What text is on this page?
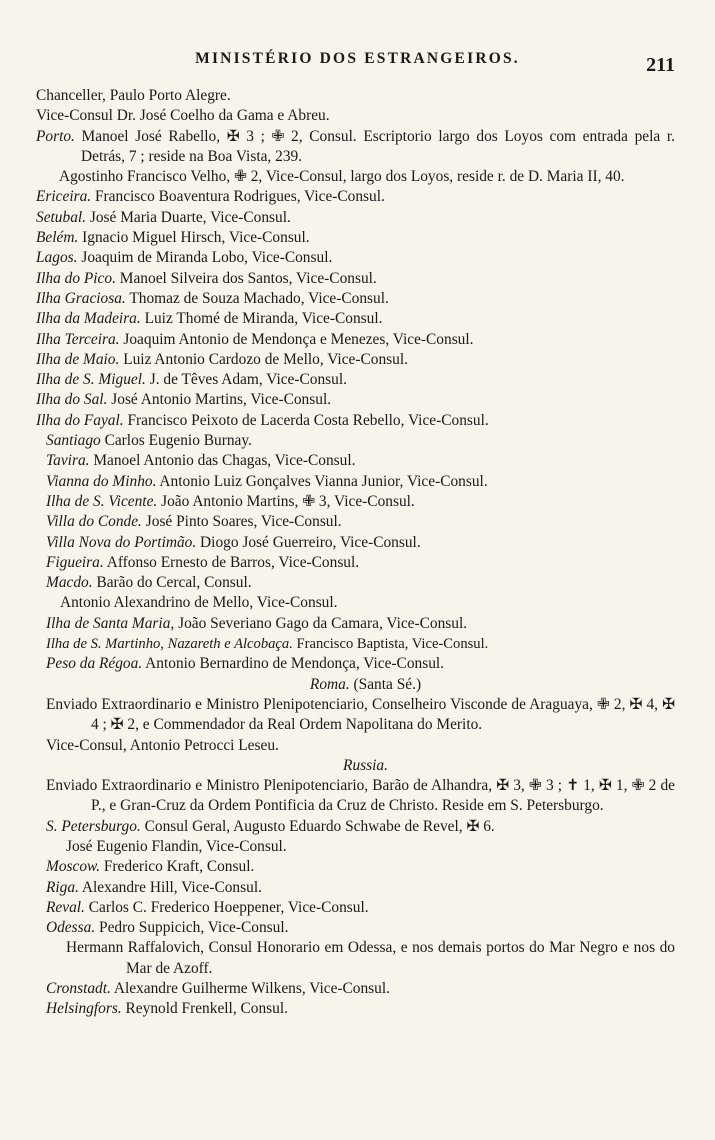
MINISTÉRIO DOS ESTRANGEIROS.	211

Chanceller, Paulo Porto Alegre.

Vice-Consul Dr. José Coelho da Gama e Abreu.

Porto. Manoel José Rabello, ✠ 3 ; ✙ 2, Consul. Escriptorio largo dos Loyos com entrada pela r. Detrás, 7 ; reside na Boa Vista, 239.

Agostinho Francisco Velho, ✙ 2, Vice-Consul, largo dos Loyos, reside r. de D. Maria II, 40.

Ericeira. Francisco Boaventura Rodrigues, Vice-Consul.

Setubal. José Maria Duarte, Vice-Consul.

Belém. Ignacio Miguel Hirsch, Vice-Consul.

Lagos. Joaquim de Miranda Lobo, Vice-Consul.

Ilha do Pico. Manoel Silveira dos Santos, Vice-Consul.

Ilha Graciosa. Thomaz de Souza Machado, Vice-Consul.

Ilha da Madeira. Luiz Thomé de Miranda, Vice-Consul.

Ilha Terceira. Joaquim Antonio de Mendonça e Menezes, Vice-Consul.

Ilha de Maio. Luiz Antonio Cardozo de Mello, Vice-Consul.

Ilha de S. Miguel. J. de Têves Adam, Vice-Consul.

Ilha do Sal. José Antonio Martins, Vice-Consul.

Ilha do Fayal. Francisco Peixoto de Lacerda Costa Rebello, Vice-Consul.

Santiago Carlos Eugenio Burnay.

Tavira. Manoel Antonio das Chagas, Vice-Consul.

Vianna do Minho. Antonio Luiz Gonçalves Vianna Junior, Vice-Consul.

Ilha de S. Vicente. João Antonio Martins, ✙ 3, Vice-Consul.

Villa do Conde. José Pinto Soares, Vice-Consul.

Villa Nova do Portimão. Diogo José Guerreiro, Vice-Consul.

Figueira. Affonso Ernesto de Barros, Vice-Consul.

Macdo. Barão do Cercal, Consul.

Antonio Alexandrino de Mello, Vice-Consul.

Ilha de Santa Maria, João Severiano Gago da Camara, Vice-Consul.

Ilha de S. Martinho, Nazareth e Alcobaça. Francisco Baptista, Vice-Consul.

Peso da Régoa. Antonio Bernardino de Mendonça, Vice-Consul.

Roma. (Santa Sé.)

Enviado Extraordinario e Ministro Plenipotenciario, Conselheiro Visconde de Araguaya, ✙ 2, ✠ 4, ✠ 4 ; ✠ 2, e Commendador da Real Ordem Napolitana do Merito.

Vice-Consul, Antonio Petrocci Leseu.

Russia.

Enviado Extraordinario e Ministro Plenipotenciario, Barão de Alhandra, ✠ 3, ✙ 3 ; ✝ 1, ✠ 1, ✙ 2 de P., e Gran-Cruz da Ordem Pontificia da Cruz de Christo. Reside em S. Petersburgo.

S. Petersburgo. Consul Geral, Augusto Eduardo Schwabe de Revel, ✠ 6.

José Eugenio Flandin, Vice-Consul.

Moscow. Frederico Kraft, Consul.

Riga. Alexandre Hill, Vice-Consul.

Reval. Carlos C. Frederico Hoeppener, Vice-Consul.

Odessa. Pedro Suppicich, Vice-Consul.

Hermann Raffalovich, Consul Honorario em Odessa, e nos demais portos do Mar Negro e nos do Mar de Azoff.

Cronstadt. Alexandre Guilherme Wilkens, Vice-Consul.

Helsingfors. Reynold Frenkell, Consul.
